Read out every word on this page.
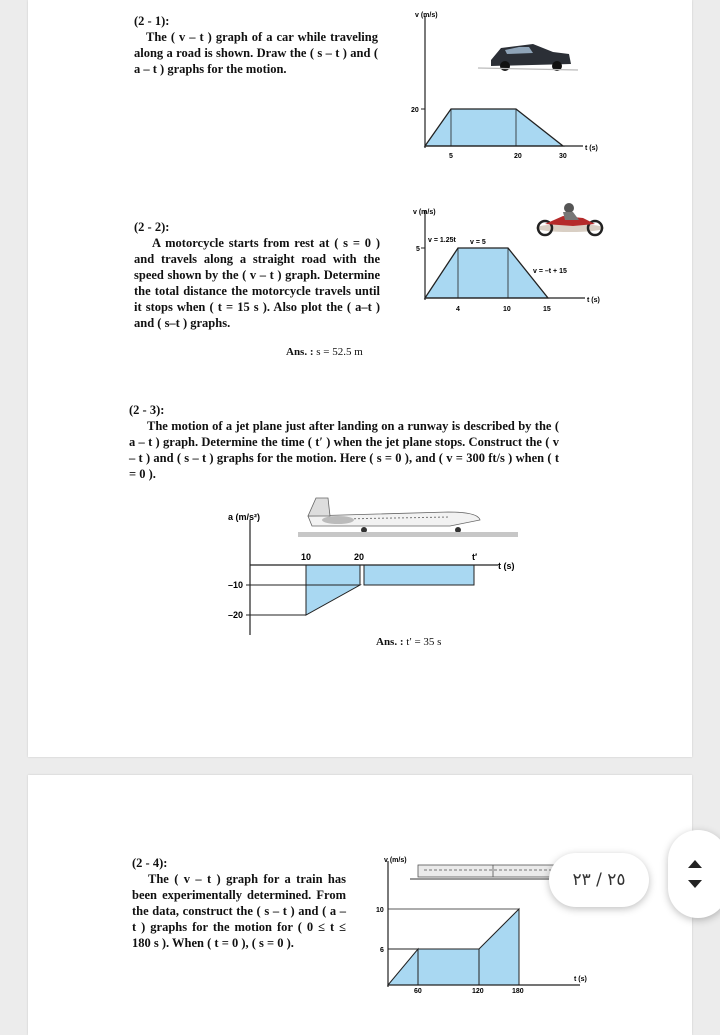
(2 - 1):
The ( v – t ) graph of a car while traveling along a road is shown. Draw the ( s – t ) and ( a – t ) graphs for the motion.
v (m/s)
t (s)
20
5	20	30
(2 - 2):
A motorcycle starts from rest at ( s = 0 ) and travels along a straight road with the speed shown by the ( v – t ) graph. Determine the total distance the motorcycle travels until it stops when ( t = 15 s ). Also plot the ( a–t ) and ( s–t ) graphs.
Ans. : s = 52.5 m
v (m/s)
t (s)
5
4	10	15
v = 1.25t v = 5
v = –t + 15
(2 - 3):
The motion of a jet plane just after landing on a runway is described by the ( a – t ) graph. Determine the time ( t′ ) when the jet plane stops. Construct the ( v – t ) and ( s – t ) graphs for the motion. Here ( s = 0 ), and ( v = 300 ft/s ) when ( t = 0 ).
a (m/s²)
t (s)
–10
–20
10	20	t′
Ans. : t′ = 35 s
(2 - 4):
The ( v – t ) graph for a train has been experimentally determined. From the data, construct the ( s – t ) and ( a – t ) graphs for the motion for ( 0 ≤ t ≤ 180 s ). When ( t = 0 ), ( s = 0 ).
v (m/s)
t (s)
10
6
60	120	180
٢٥ / ٢٣
